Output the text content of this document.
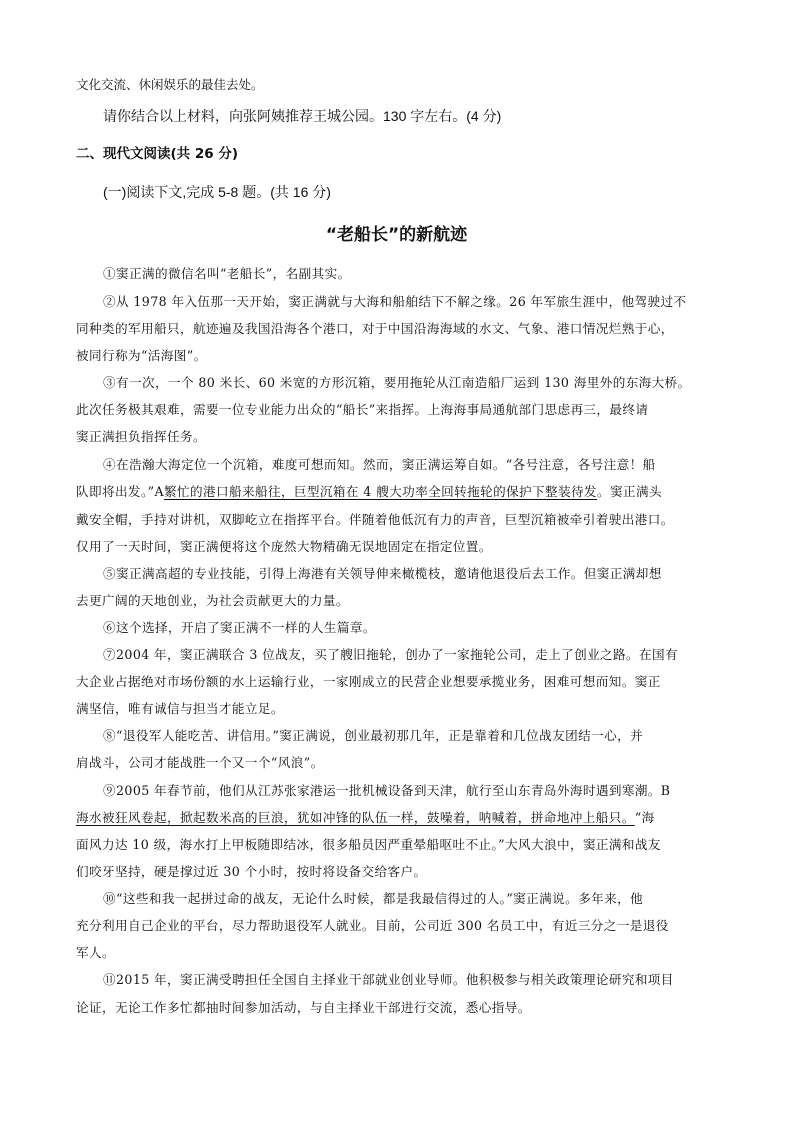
文化交流、休闲娱乐的最佳去处。
请你结合以上材料，向张阿姨推荐王城公园。130 字左右。(4 分)
二、现代文阅读(共 26 分)
(一)阅读下文,完成 5-8 题。(共 16 分)
“老船长”的新航迹
①窦正满的微信名叫“老船长”，名副其实。
②从 1978 年入伍那一天开始，窦正满就与大海和船舶结下不解之缘。26 年军旅生涯中，他驾驶过不
同种类的军用船只，航迹遍及我国沿海各个港口，对于中国沿海海域的水文、气象、港口情况烂熟于心，
被同行称为“活海图”。
③有一次，一个 80 米长、60 米宽的方形沉箱，要用拖轮从江南造船厂运到 130 海里外的东海大桥。
此次任务极其艰难，需要一位专业能力出众的“船长”来指挥。上海海事局通航部门思虑再三，最终请
窦正满担负指挥任务。
④在浩瀚大海定位一个沉箱，难度可想而知。然而，窦正满运筹自如。“各号注意，各号注意！船
队即将出发。”A繁忙的港口船来船往，巨型沉箱在 4 艘大功率全回转拖轮的保护下整装待发。窦正满头
戴安全帽，手持对讲机，双脚屹立在指挥平台。伴随着他低沉有力的声音，巨型沉箱被牵引着驶出港口。
仅用了一天时间，窦正满便将这个庞然大物精确无误地固定在指定位置。
⑤窦正满高超的专业技能，引得上海港有关领导伸来橄榄枝，邀请他退役后去工作。但窦正满却想
去更广阔的天地创业，为社会贡献更大的力量。
⑥这个选择，开启了窦正满不一样的人生篇章。
⑦2004 年，窦正满联合 3 位战友，买了艘旧拖轮，创办了一家拖轮公司，走上了创业之路。在国有
大企业占据绝对市场份额的水上运输行业，一家刚成立的民营企业想要承揽业务，困难可想而知。窦正
满坚信，唯有诚信与担当才能立足。
⑧“退役军人能吃苦、讲信用。”窦正满说，创业最初那几年，正是靠着和几位战友团结一心，并
肩战斗，公司才能战胜一个又一个“风浪”。
⑨2005 年春节前，他们从江苏张家港运一批机械设备到天津，航行至山东青岛外海时遇到寒潮。B
海水被狂风卷起，掀起数米高的巨浪，犹如冲锋的队伍一样，鼓噪着，呐喊着，拼命地冲上船只。“海
面风力达 10 级，海水打上甲板随即结冰，很多船员因严重晕船呕吐不止。”大风大浪中，窦正满和战友
们咬牙坚持，硬是撑过近 30 个小时，按时将设备交给客户。
⑩“这些和我一起拼过命的战友，无论什么时候，都是我最信得过的人。”窦正满说。多年来，他
充分利用自己企业的平台，尽力帮助退役军人就业。目前，公司近 300 名员工中，有近三分之一是退役
军人。
⑪2015 年，窦正满受聘担任全国自主择业干部就业创业导师。他积极参与相关政策理论研究和项目
论证，无论工作多忙都抽时间参加活动，与自主择业干部进行交流，悉心指导。
